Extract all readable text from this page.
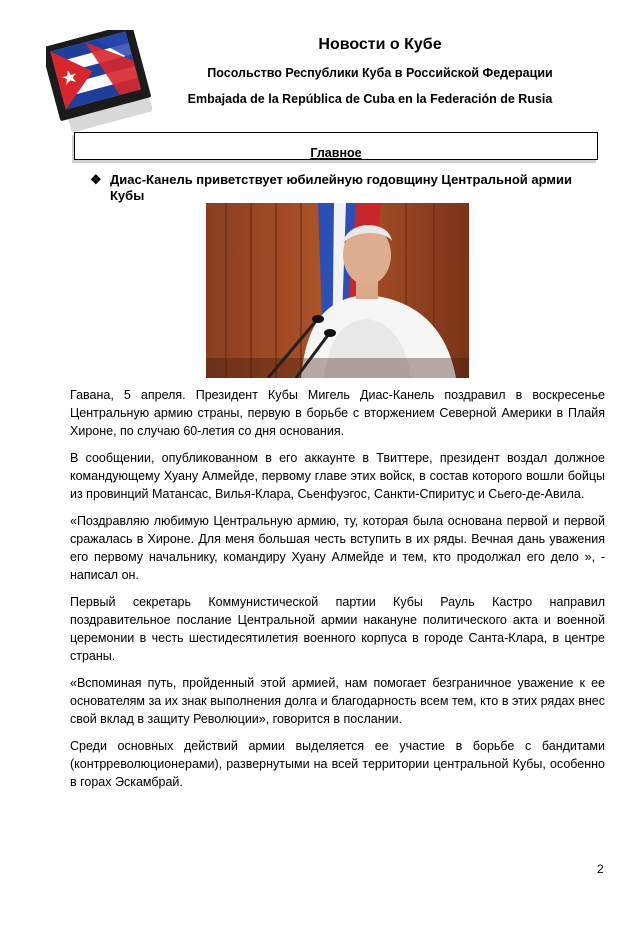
Новости о Кубе
Посольство Республики Куба в Российской Федерации
Embajada de la República de Cuba en la Federación de Rusia
Главное
❖ Диас-Канель приветствует юбилейную годовщину Центральной армии Кубы

Гавана, 5 апреля. Президент Кубы Мигель Диас-Канель поздравил в воскресенье Центральную армию страны, первую в борьбе с вторжением Северной Америки в Плайя Хироне, по случаю 60-летия со дня основания.

В сообщении, опубликованном в его аккаунте в Твиттере, президент воздал должное командующему Хуану Алмейде, первому главе этих войск, в состав которого вошли бойцы из провинций Матансас, Вилья-Клара, Сьенфуэгос, Санкти-Спиритус и Сьего-де-Авила.

«Поздравляю любимую Центральную армию, ту, которая была основана первой и первой сражалась в Хироне. Для меня большая честь вступить в их ряды. Вечная дань уважения его первому начальнику, командиру Хуану Алмейде и тем, кто продолжал его дело », - написал он.

Первый секретарь Коммунистической партии Кубы Рауль Кастро направил поздравительное послание Центральной армии накануне политического акта и военной церемонии в честь шестидесятилетия военного корпуса в городе Санта-Клара, в центре страны.

«Вспоминая путь, пройденный этой армией, нам помогает безграничное уважение к ее основателям за их знак выполнения долга и благодарность всем тем, кто в этих рядах внес свой вклад в защиту Революции», говорится в послании.

Среди основных действий армии выделяется ее участие в борьбе с бандитами (контрреволюционерами), развернутыми на всей территории центральной Кубы, особенно в горах Эскамбрай.

2
